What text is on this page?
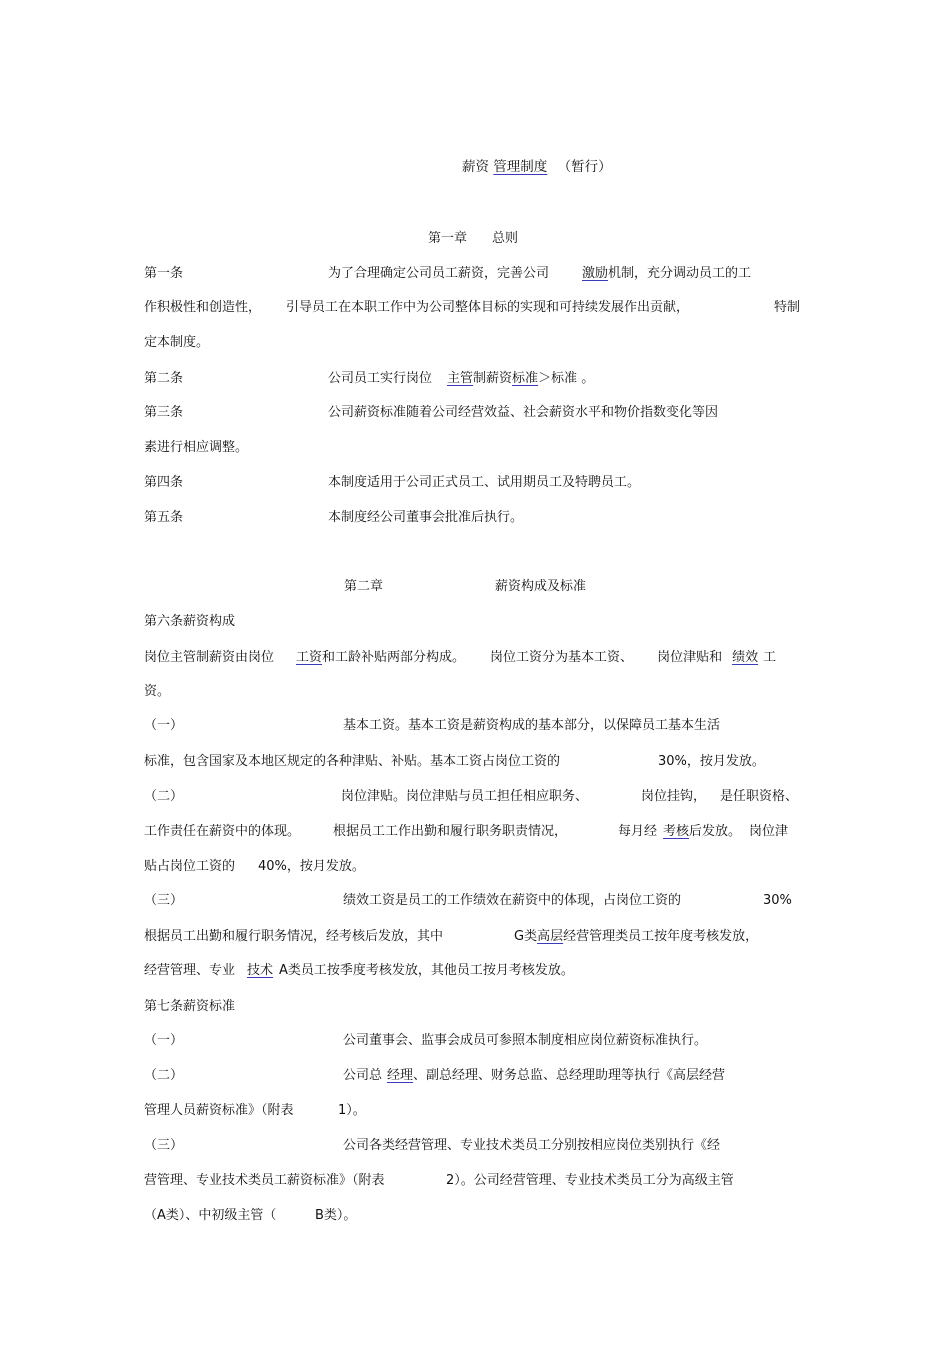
薪资 管理制度 （暂行）
第一章 总则
第一条	为了合理确定公司员工薪资，完善公司	激励机制，充分调动员工的工
作积极性和创造性， 引导员工在本职工作中为公司整体目标的实现和可持续发展作出贡献，	特制
定本制度。
第二条	公司员工实行岗位 主管制薪资标准＞标准 。
第三条	公司薪资标准随着公司经营效益、社会薪资水平和物价指数变化等因
素进行相应调整。
第四条	本制度适用于公司正式员工、试用期员工及特聘员工。
第五条	本制度经公司董事会批准后执行。
第二章	薪资构成及标准
第六条薪资构成
岗位主管制薪资由岗位 工资和工龄补贴两部分构成。 岗位工资分为基本工资、 岗位津贴和 绩效 工
资。
（一）	基本工资。基本工资是薪资构成的基本部分，以保障员工基本生活
标准，包含国家及本地区规定的各种津贴、补贴。基本工资占岗位工资的	30%，按月发放。
（二）	岗位津贴。岗位津贴与员工担任相应职务、	岗位挂钩， 是任职资格、
工作责任在薪资中的体现。	根据员工工作出勤和履行职务职责情况，	每月经 考核后发放。 岗位津
贴占岗位工资的 40%，按月发放。
（三）	绩效工资是员工的工作绩效在薪资中的体现，占岗位工资的	30%
根据员工出勤和履行职务情况，经考核后发放，其中	G类高层经营管理类员工按年度考核发放，
经营管理、专业 技术 A类员工按季度考核发放，其他员工按月考核发放。
第七条薪资标准
（一）	公司董事会、监事会成员可参照本制度相应岗位薪资标准执行。
（二）	公司总 经理、副总经理、财务总监、总经理助理等执行《高层经营
管理人员薪资标准》（附表	1）。
（三）	公司各类经营管理、专业技术类员工分别按相应岗位类别执行《经
营管理、专业技术类员工薪资标准》（附表	2）。公司经营管理、专业技术类员工分为高级主管
（A类）、中初级主管（	B类）。
